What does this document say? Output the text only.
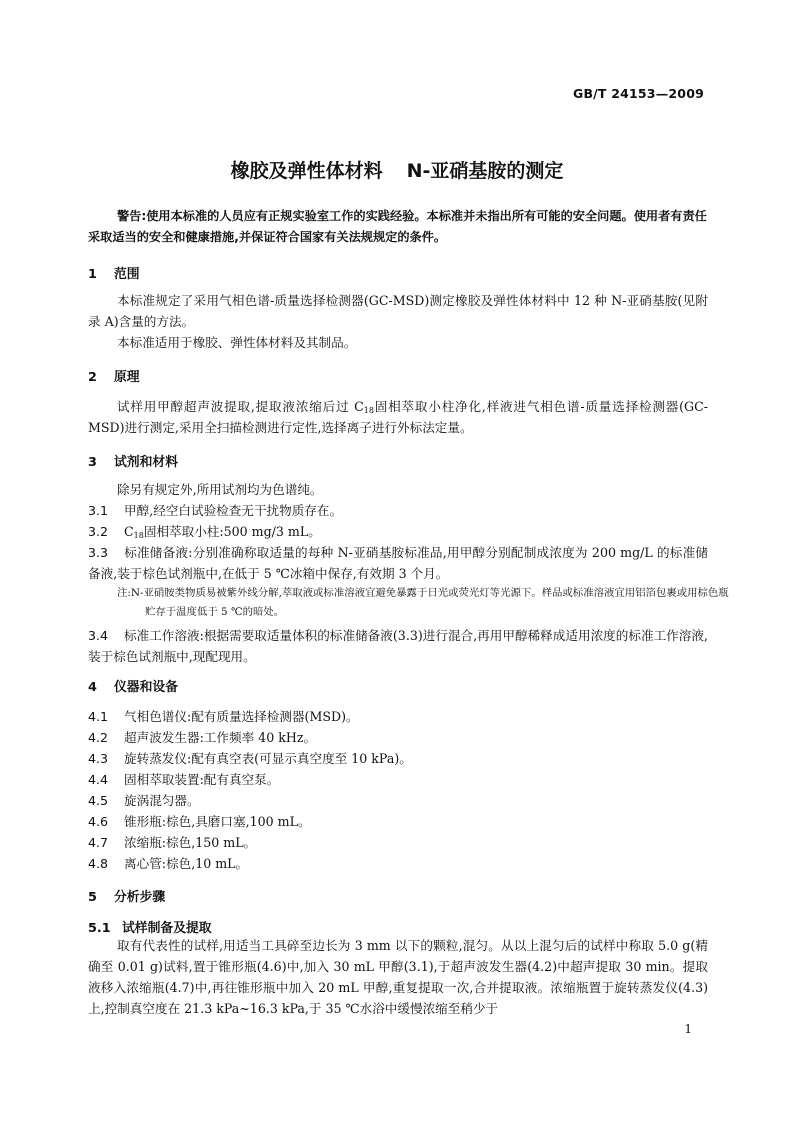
GB/T 24153—2009
橡胶及弹性体材料 N-亚硝基胺的测定
警告:使用本标准的人员应有正规实验室工作的实践经验。本标准并未指出所有可能的安全问题。使用者有责任采取适当的安全和健康措施,并保证符合国家有关法规规定的条件。
1 范围
本标准规定了采用气相色谱-质量选择检测器(GC-MSD)测定橡胶及弹性体材料中 12 种 N-亚硝基胺(见附录 A)含量的方法。
本标准适用于橡胶、弹性体材料及其制品。
2 原理
试样用甲醇超声波提取,提取液浓缩后过 $C_{18}$固相萃取小柱净化,样液进气相色谱-质量选择检测器(GC-MSD)进行测定,采用全扫描检测进行定性,选择离子进行外标法定量。
3 试剂和材料
除另有规定外,所用试剂均为色谱纯。
3.1 甲醇,经空白试验检查无干扰物质存在。
3.2 $C_{18}$固相萃取小柱:500 mg/3 mL。
3.3 标准储备液:分别准确称取适量的每种 N-亚硝基胺标准品,用甲醇分别配制成浓度为 200 mg/L 的标准储备液,装于棕色试剂瓶中,在低于 5 ℃冰箱中保存,有效期 3 个月。
注:N-亚硝胺类物质易被紫外线分解,萃取液或标准溶液宜避免暴露于日光或荧光灯等光源下。样品或标准溶液宜用铝箔包裹或用棕色瓶贮存于温度低于 5 ℃的暗处。
3.4 标准工作溶液:根据需要取适量体积的标准储备液(3.3)进行混合,再用甲醇稀释成适用浓度的标准工作溶液,装于棕色试剂瓶中,现配现用。
4 仪器和设备
4.1 气相色谱仪:配有质量选择检测器(MSD)。
4.2 超声波发生器:工作频率 40 kHz。
4.3 旋转蒸发仪:配有真空表(可显示真空度至 10 kPa)。
4.4 固相萃取装置:配有真空泵。
4.5 旋涡混匀器。
4.6 锥形瓶:棕色,具磨口塞,100 mL。
4.7 浓缩瓶:棕色,150 mL。
4.8 离心管:棕色,10 mL。
5 分析步骤
5.1 试样制备及提取
取有代表性的试样,用适当工具碎至边长为 3 mm 以下的颗粒,混匀。从以上混匀后的试样中称取 5.0 g(精确至 0.01 g)试料,置于锥形瓶(4.6)中,加入 30 mL 甲醇(3.1),于超声波发生器(4.2)中超声提取 30 min。提取液移入浓缩瓶(4.7)中,再往锥形瓶中加入 20 mL 甲醇,重复提取一次,合并提取液。浓缩瓶置于旋转蒸发仪(4.3)上,控制真空度在 21.3 kPa~16.3 kPa,于 35 ℃水浴中缓慢浓缩至稍少于
1
